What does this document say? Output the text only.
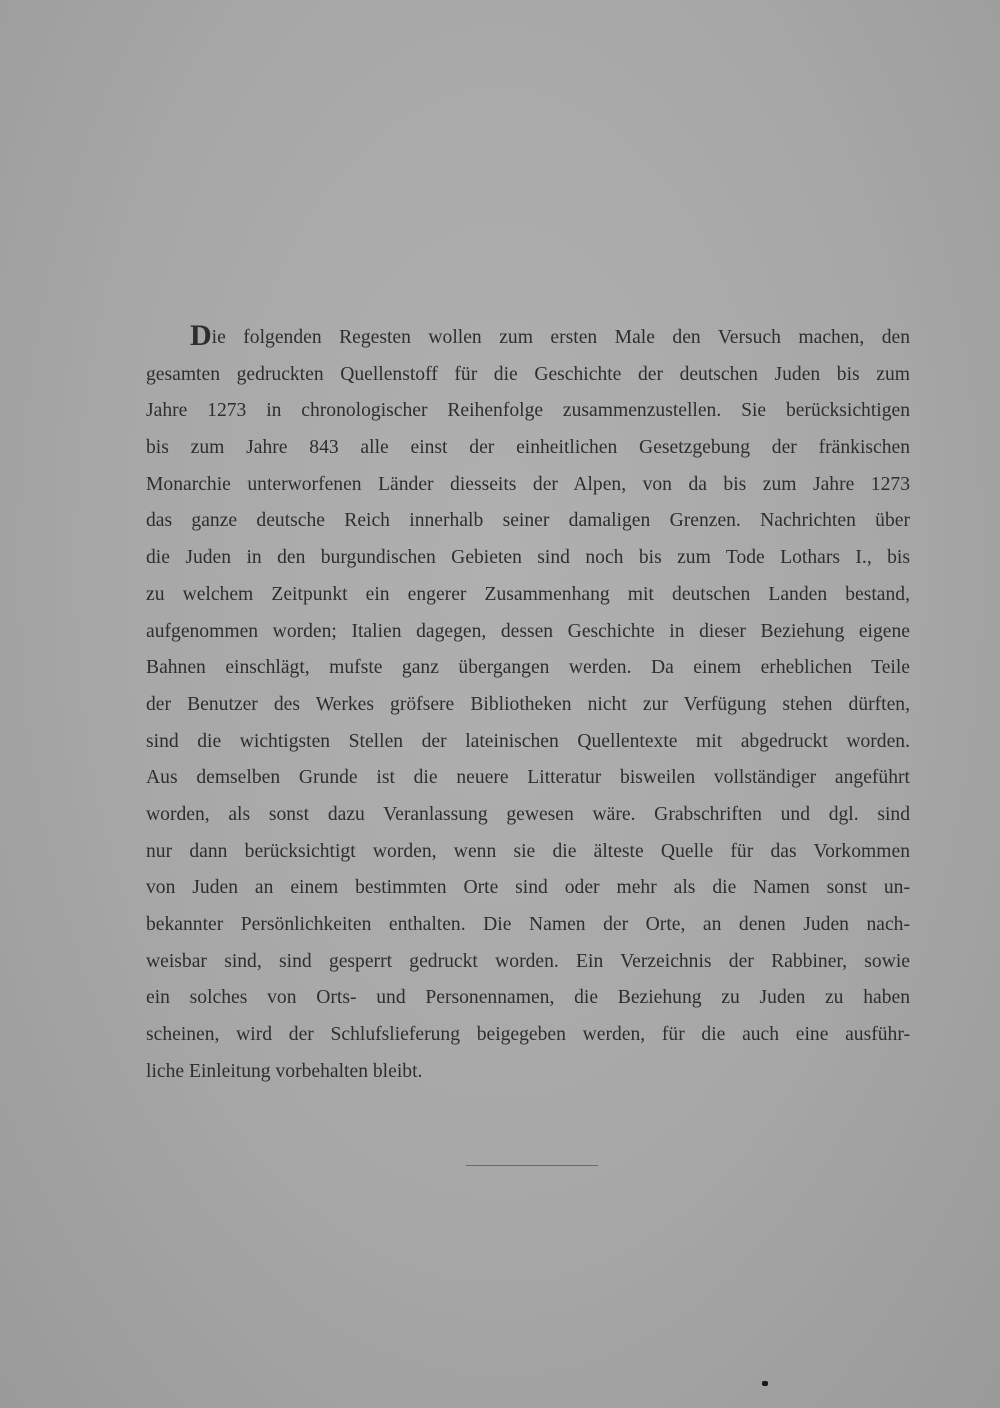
Die folgenden Regesten wollen zum ersten Male den Versuch machen, den
gesamten gedruckten Quellenstoff für die Geschichte der deutschen Juden bis zum
Jahre 1273 in chronologischer Reihenfolge zusammenzustellen. Sie berücksichtigen
bis zum Jahre 843 alle einst der einheitlichen Gesetzgebung der fränkischen
Monarchie unterworfenen Länder diesseits der Alpen, von da bis zum Jahre 1273
das ganze deutsche Reich innerhalb seiner damaligen Grenzen. Nachrichten über
die Juden in den burgundischen Gebieten sind noch bis zum Tode Lothars I., bis
zu welchem Zeitpunkt ein engerer Zusammenhang mit deutschen Landen bestand,
aufgenommen worden; Italien dagegen, dessen Geschichte in dieser Beziehung eigene
Bahnen einschlägt, mufste ganz übergangen werden. Da einem erheblichen Teile
der Benutzer des Werkes gröfsere Bibliotheken nicht zur Verfügung stehen dürften,
sind die wichtigsten Stellen der lateinischen Quellentexte mit abgedruckt worden.
Aus demselben Grunde ist die neuere Litteratur bisweilen vollständiger angeführt
worden, als sonst dazu Veranlassung gewesen wäre. Grabschriften und dgl. sind
nur dann berücksichtigt worden, wenn sie die älteste Quelle für das Vorkommen
von Juden an einem bestimmten Orte sind oder mehr als die Namen sonst un-
bekannter Persönlichkeiten enthalten. Die Namen der Orte, an denen Juden nach-
weisbar sind, sind gesperrt gedruckt worden. Ein Verzeichnis der Rabbiner, sowie
ein solches von Orts- und Personennamen, die Beziehung zu Juden zu haben
scheinen, wird der Schlufslieferung beigegeben werden, für die auch eine ausführ-
liche Einleitung vorbehalten bleibt.
